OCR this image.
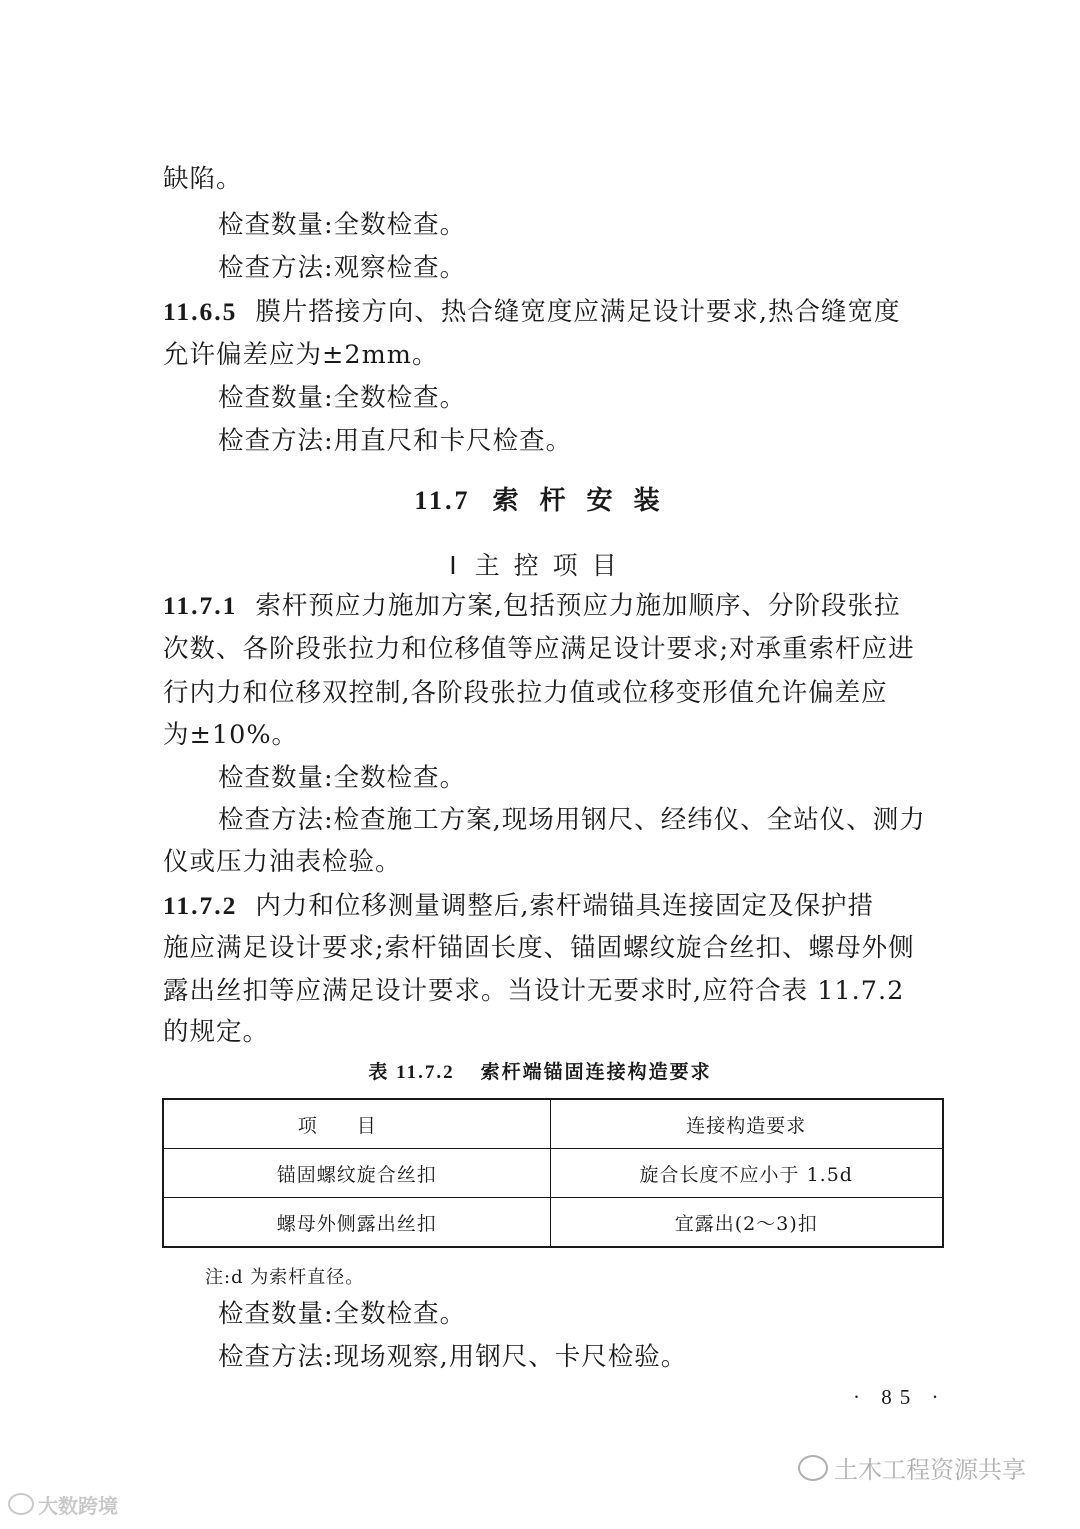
缺陷。
检查数量:全数检查。
检查方法:观察检查。
11.6.5 膜片搭接方向、热合缝宽度应满足设计要求,热合缝宽度
允许偏差应为±2mm。
检查数量:全数检查。
检查方法:用直尺和卡尺检查。
11.7 索 杆 安 装
Ⅰ 主控项目
11.7.1 索杆预应力施加方案,包括预应力施加顺序、分阶段张拉
次数、各阶段张拉力和位移值等应满足设计要求;对承重索杆应进
行内力和位移双控制,各阶段张拉力值或位移变形值允许偏差应
为±10%。
检查数量:全数检查。
检查方法:检查施工方案,现场用钢尺、经纬仪、全站仪、测力
仪或压力油表检验。
11.7.2 内力和位移测量调整后,索杆端锚具连接固定及保护措
施应满足设计要求;索杆锚固长度、锚固螺纹旋合丝扣、螺母外侧
露出丝扣等应满足设计要求。当设计无要求时,应符合表 11.7.2
的规定。
表 11.7.2 索杆端锚固连接构造要求
项目	连接构造要求
锚固螺纹旋合丝扣	旋合长度不应小于 1.5d
螺母外侧露出丝扣	宜露出(2～3)扣
注:d 为索杆直径。
检查数量:全数检查。
检查方法:现场观察,用钢尺、卡尺检验。
· 85 ·
土木工程资源共享
大数跨境
